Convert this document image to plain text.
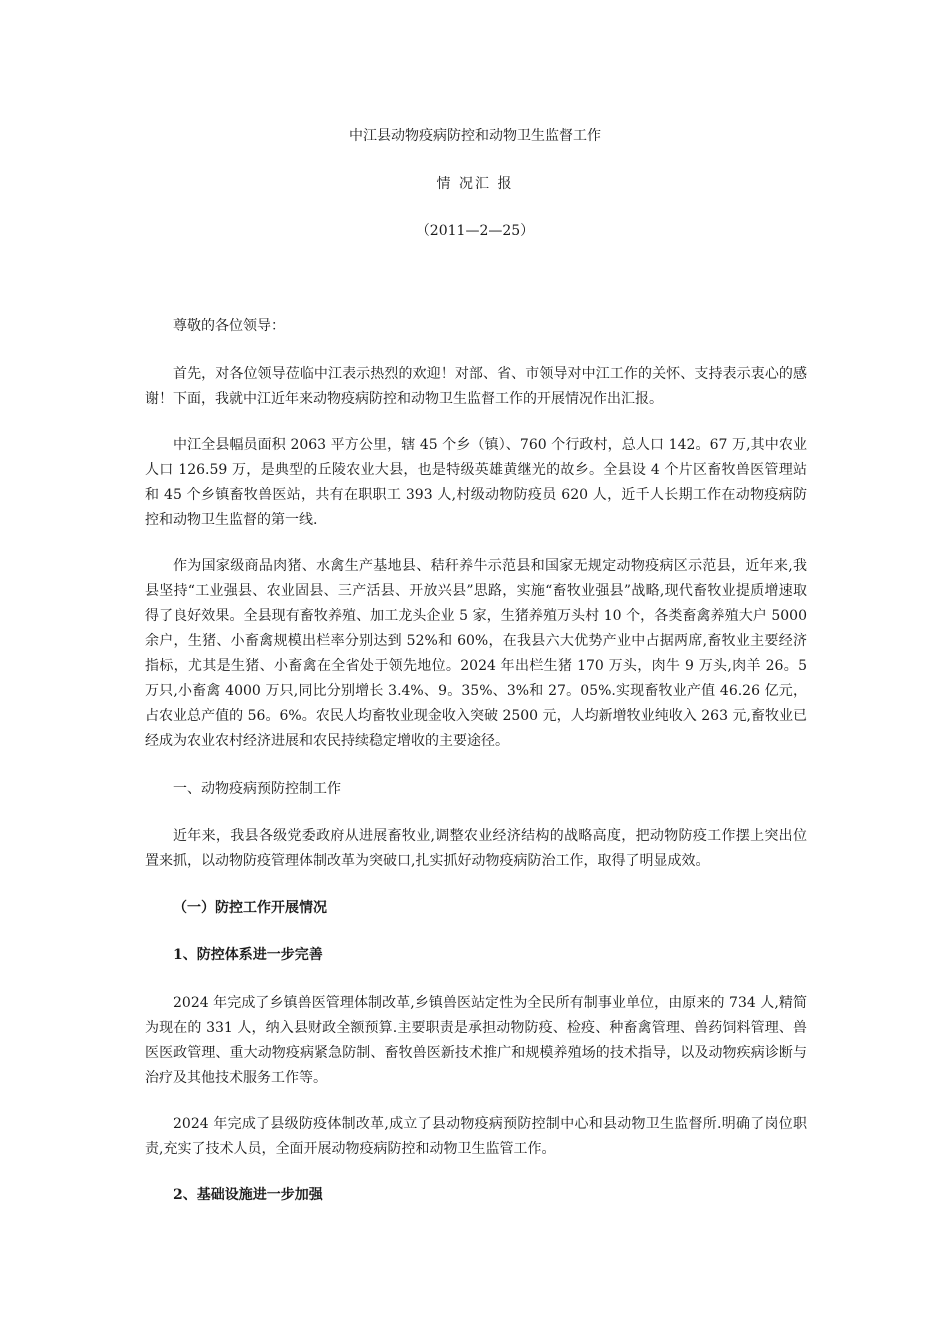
中江县动物疫病防控和动物卫生监督工作
情 况汇 报
（2011—2—25）

尊敬的各位领导：

首先，对各位领导莅临中江表示热烈的欢迎！对部、省、市领导对中江工作的关怀、支持表示衷心的感谢！下面，我就中江近年来动物疫病防控和动物卫生监督工作的开展情况作出汇报。

中江全县幅员面积 2063 平方公里，辖 45 个乡（镇）、760 个行政村，总人口 142。67 万,其中农业人口 126.59 万，是典型的丘陵农业大县，也是特级英雄黄继光的故乡。全县设 4 个片区畜牧兽医管理站和 45 个乡镇畜牧兽医站，共有在职职工 393 人,村级动物防疫员 620 人，近千人长期工作在动物疫病防控和动物卫生监督的第一线.

作为国家级商品肉猪、水禽生产基地县、秸秆养牛示范县和国家无规定动物疫病区示范县，近年来,我县坚持“工业强县、农业固县、三产活县、开放兴县”思路，实施“畜牧业强县”战略,现代畜牧业提质增速取得了良好效果。全县现有畜牧养殖、加工龙头企业 5 家，生猪养殖万头村 10 个，各类畜禽养殖大户 5000 余户，生猪、小畜禽规模出栏率分别达到 52%和 60%，在我县六大优势产业中占据两席,畜牧业主要经济指标，尤其是生猪、小畜禽在全省处于领先地位。2024 年出栏生猪 170 万头，肉牛 9 万头,肉羊 26。5 万只,小畜禽 4000 万只,同比分别增长 3.4%、9。35%、3%和 27。05%.实现畜牧业产值 46.26 亿元，占农业总产值的 56。6%。农民人均畜牧业现金收入突破 2500 元，人均新增牧业纯收入 263 元,畜牧业已经成为农业农村经济进展和农民持续稳定增收的主要途径。

一、动物疫病预防控制工作

近年来，我县各级党委政府从进展畜牧业,调整农业经济结构的战略高度，把动物防疫工作摆上突出位置来抓，以动物防疫管理体制改革为突破口,扎实抓好动物疫病防治工作，取得了明显成效。

（一）防控工作开展情况

1、防控体系进一步完善

2024 年完成了乡镇兽医管理体制改革,乡镇兽医站定性为全民所有制事业单位，由原来的 734 人,精简为现在的 331 人，纳入县财政全额预算.主要职责是承担动物防疫、检疫、种畜禽管理、兽药饲料管理、兽医医政管理、重大动物疫病紧急防制、畜牧兽医新技术推广和规模养殖场的技术指导，以及动物疾病诊断与治疗及其他技术服务工作等。

2024 年完成了县级防疫体制改革,成立了县动物疫病预防控制中心和县动物卫生监督所.明确了岗位职责,充实了技术人员，全面开展动物疫病防控和动物卫生监管工作。

2、基础设施进一步加强
